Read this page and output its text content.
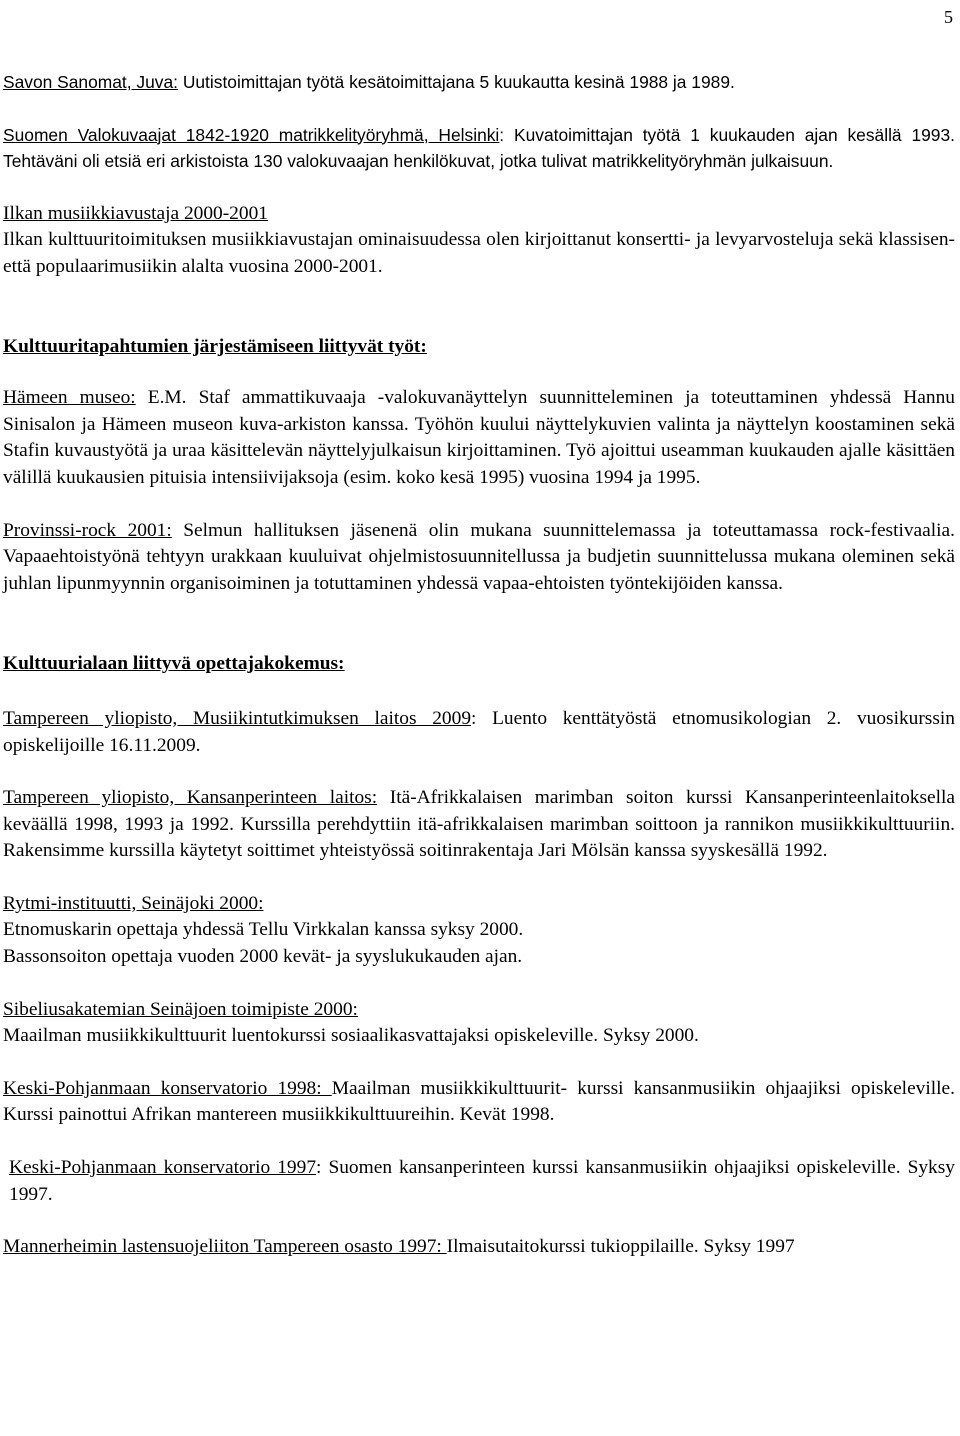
5

Savon Sanomat, Juva: Uutistoimittajan työtä kesätoimittajana 5 kuukautta kesinä 1988 ja 1989.

Suomen Valokuvaajat 1842-1920 matrikkelityöryhmä, Helsinki: Kuvatoimittajan työtä 1 kuukauden ajan kesällä 1993. Tehtäväni oli etsiä eri arkistoista 130 valokuvaajan henkilökuvat, jotka tulivat matrikkelityöryhmän julkaisuun.

Ilkan musiikkiavustaja 2000-2001

Ilkan kulttuuritoimituksen musiikkiavustajan ominaisuudessa olen kirjoittanut konsertti- ja levyarvosteluja sekä klassisen- että populaarimusiikin alalta vuosina 2000-2001.

Kulttuuritapahtumien järjestämiseen liittyvät työt:

Hämeen museo: E.M. Staf ammattikuvaaja -valokuvanäyttelyn suunnitteleminen ja toteuttaminen yhdessä Hannu Sinisalon ja Hämeen museon kuva-arkiston kanssa. Työhön kuului näyttelykuvien valinta ja näyttelyn koostaminen sekä Stafin kuvaustyötä ja uraa käsittelevän näyttelyjulkaisun kirjoittaminen. Työ ajoittui useamman kuukauden ajalle käsittäen välillä kuukausien pituisia intensiivijaksoja (esim. koko kesä 1995) vuosina 1994 ja 1995.

Provinssi-rock 2001: Selmun hallituksen jäsenenä olin mukana suunnittelemassa ja toteuttamassa rock-festivaalia. Vapaaehtoistyönä tehtyyn urakkaan kuuluivat ohjelmistosuunnitellussa ja budjetin suunnittelussa mukana oleminen sekä juhlan lipunmyynnin organisoiminen ja totuttaminen yhdessä vapaa-ehtoisten työntekijöiden kanssa.

Kulttuurialaan liittyvä opettajakokemus:

Tampereen yliopisto, Musiikintutkimuksen laitos 2009: Luento kenttätyöstä etnomusikologian 2. vuosikurssin opiskelijoille 16.11.2009.

Tampereen yliopisto, Kansanperinteen laitos: Itä-Afrikkalaisen marimban soiton kurssi Kansanperinteenlaitoksella keväällä 1998, 1993 ja 1992. Kurssilla perehdyttiin itä-afrikkalaisen marimban soittoon ja rannikon musiikkikulttuuriin. Rakensimme kurssilla käytetyt soittimet yhteistyössä soitinrakentaja Jari Mölsän kanssa syyskesällä 1992.

Rytmi-instituutti, Seinäjoki 2000:

Etnomuskarin opettaja yhdessä Tellu Virkkalan kanssa syksy 2000.

Bassonsoiton opettaja vuoden 2000 kevät- ja syyslukukauden ajan.

Sibeliusakatemian Seinäjoen toimipiste 2000:

Maailman musiikkikulttuurit luentokurssi sosiaalikasvattajaksi opiskeleville. Syksy 2000.

Keski-Pohjanmaan konservatorio 1998: Maailman musiikkikulttuurit- kurssi kansanmusiikin ohjaajiksi opiskeleville. Kurssi painottui Afrikan mantereen musiikkikulttuureihin. Kevät 1998.

Keski-Pohjanmaan konservatorio 1997: Suomen kansanperinteen kurssi kansanmusiikin ohjaajiksi opiskeleville. Syksy 1997.

Mannerheimin lastensuojeliiton Tampereen osasto 1997: Ilmaisutaitokurssi tukioppilaille. Syksy 1997
